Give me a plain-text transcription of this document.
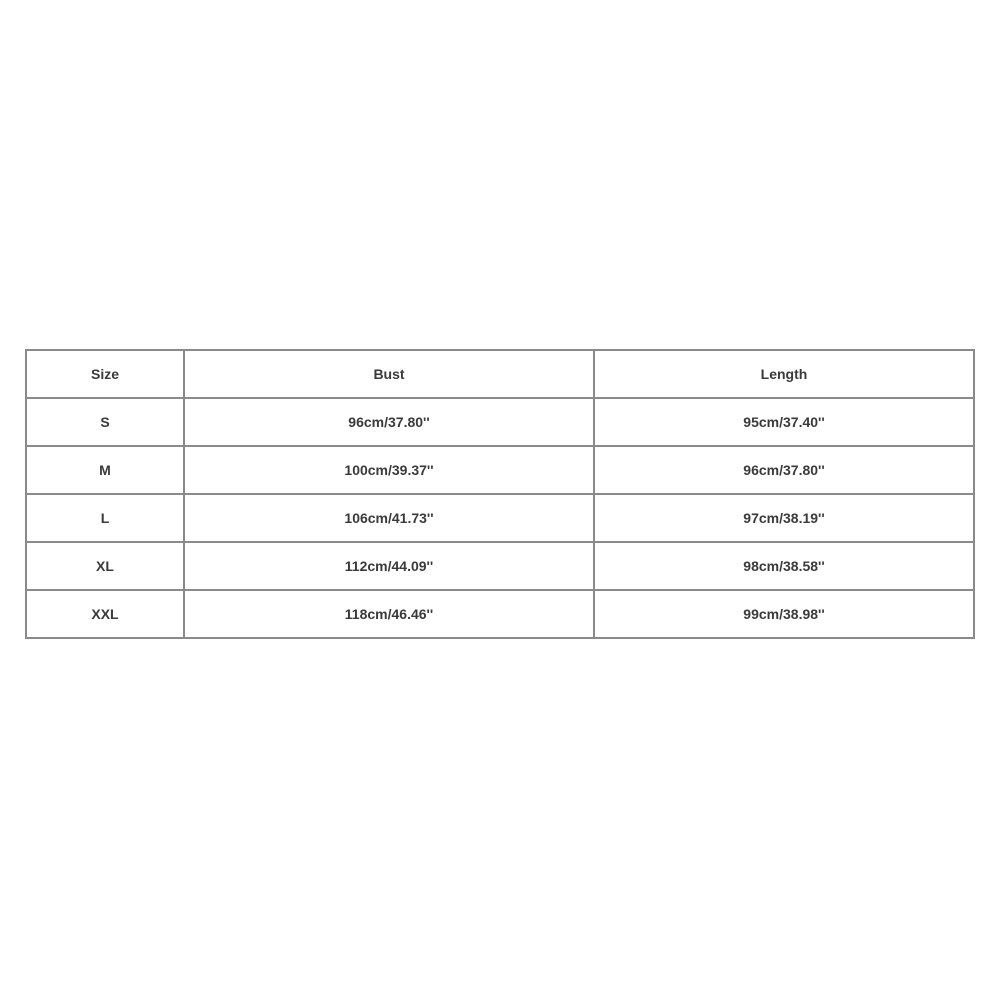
Size	Bust	Length
S	96cm/37.80''	95cm/37.40''
M	100cm/39.37''	96cm/37.80''
L	106cm/41.73''	97cm/38.19''
XL	112cm/44.09''	98cm/38.58''
XXL	118cm/46.46''	99cm/38.98''
